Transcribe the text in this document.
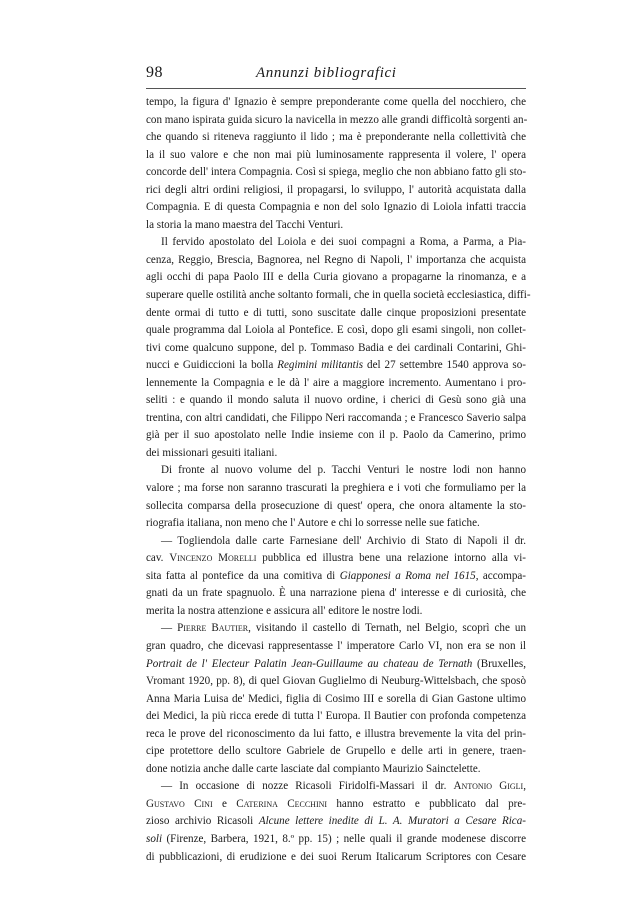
98	Annunzi bibliografici
tempo, la figura d' Ignazio è sempre preponderante come quella del nocchiero, che
con mano ispirata guida sicuro la navicella in mezzo alle grandi difficoltà sorgenti an-
che quando si riteneva raggiunto il lido ; ma è preponderante nella collettività che
la il suo valore e che non mai più luminosamente rappresenta il volere, l' opera
concorde dell' intera Compagnia. Così si spiega, meglio che non abbiano fatto gli sto-
rici degli altri ordini religiosi, il propagarsi, lo sviluppo, l' autorità acquistata dalla
Compagnia. E di questa Compagnia e non del solo Ignazio di Loiola infatti traccia
la storia la mano maestra del Tacchi Venturi.
Il fervido apostolato del Loiola e dei suoi compagni a Roma, a Parma, a Pia-
cenza, Reggio, Brescia, Bagnorea, nel Regno di Napoli, l' importanza che acquista
agli occhi di papa Paolo III e della Curia giovano a propagarne la rinomanza, e a
superare quelle ostilità anche soltanto formali, che in quella società ecclesiastica, diffi-
dente ormai di tutto e di tutti, sono suscitate dalle cinque proposizioni presentate
quale programma dal Loiola al Pontefice. E così, dopo gli esami singoli, non collet-
tivi come qualcuno suppone, del p. Tommaso Badia e dei cardinali Contarini, Ghi-
nucci e Guidiccioni la bolla Regimini militantis del 27 settembre 1540 approva so-
lennemente la Compagnia e le dà l' aire a maggiore incremento. Aumentano i pro-
seliti : e quando il mondo saluta il nuovo ordine, i cherici di Gesù sono già una
trentina, con altri candidati, che Filippo Neri raccomanda ; e Francesco Saverio salpa
già per il suo apostolato nelle Indie insieme con il p. Paolo da Camerino, primo
dei missionari gesuiti italiani.
Di fronte al nuovo volume del p. Tacchi Venturi le nostre lodi non hanno
valore ; ma forse non saranno trascurati la preghiera e i voti che formuliamo per la
sollecita comparsa della prosecuzione di quest' opera, che onora altamente la sto-
riografia italiana, non meno che l' Autore e chi lo sorresse nelle sue fatiche.
— Togliendola dalle carte Farnesiane dell' Archivio di Stato di Napoli il dr.
cav. Vincenzo Morelli pubblica ed illustra bene una relazione intorno alla vi-
sita fatta al pontefice da una comitiva di Giapponesi a Roma nel 1615, accompa-
gnati da un frate spagnuolo. È una narrazione piena d' interesse e di curiosità, che
merita la nostra attenzione e assicura all' editore le nostre lodi.
— Pierre Bautier, visitando il castello di Ternath, nel Belgio, scoprì che un
gran quadro, che dicevasi rappresentasse l' imperatore Carlo VI, non era se non il
Portrait de l' Electeur Palatin Jean-Guillaume au chateau de Ternath (Bruxelles,
Vromant 1920, pp. 8), di quel Giovan Guglielmo di Neuburg-Wittelsbach, che sposò
Anna Maria Luisa de' Medici, figlia di Cosimo III e sorella di Gian Gastone ultimo
dei Medici, la più ricca erede di tutta l' Europa. Il Bautier con profonda competenza
reca le prove del riconoscimento da lui fatto, e illustra brevemente la vita del prin-
cipe protettore dello scultore Gabriele de Grupello e delle arti in genere, traen-
done notizia anche dalle carte lasciate dal compianto Maurizio Sainctelette.
— In occasione di nozze Ricasoli Firidolfi-Massari il dr. Antonio Gigli,
Gustavo Cini e Caterina Cecchini hanno estratto e pubblicato dal pre-
zioso archivio Ricasoli Alcune lettere inedite di L. A. Muratori a Cesare Rica-
soli (Firenze, Barbera, 1921, 8.º pp. 15) ; nelle quali il grande modenese discorre
di pubblicazioni, di erudizione e dei suoi Rerum Italicarum Scriptores con Cesare
